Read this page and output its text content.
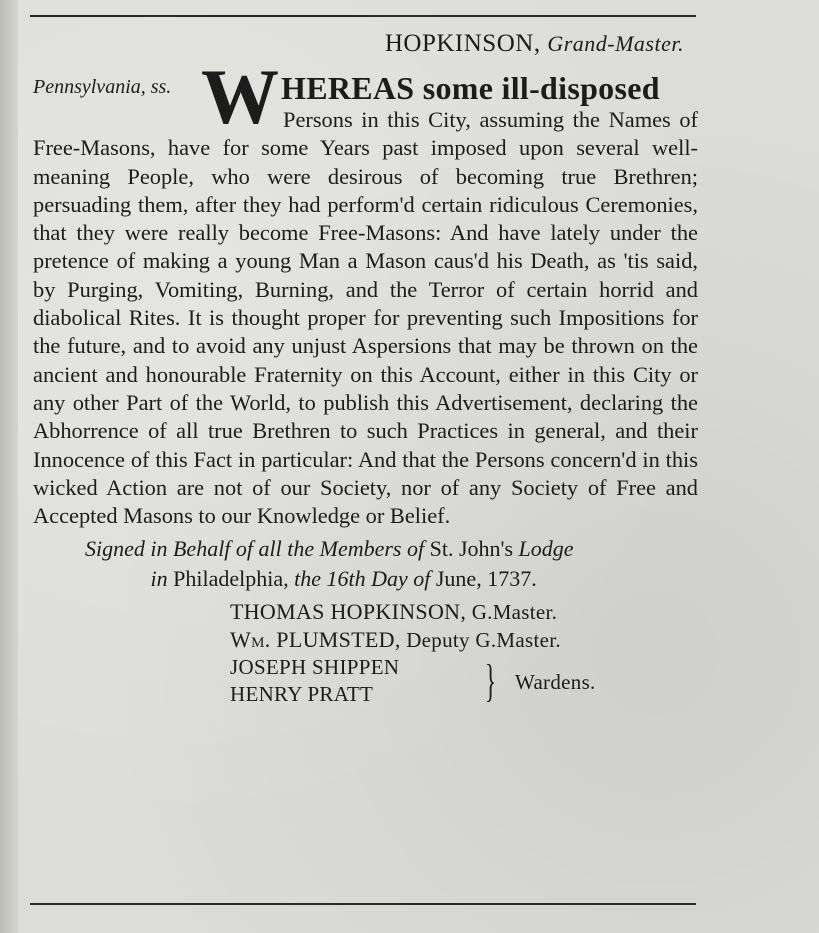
HOPKINSON, Grand-Master.
Pennsylvania, ss. W HEREAS some ill-disposed
Persons in this City, assuming the Names of Free-Masons, have for some Years past imposed upon several well-meaning People, who were desirous of becoming true Brethren; persuading them, after they had perform'd certain ridiculous Ceremonies, that they were really become Free-Masons: And have lately under the pretence of making a young Man a Mason caus'd his Death, as 'tis said, by Purging, Vomiting, Burning, and the Terror of certain horrid and diabolical Rites. It is thought proper for preventing such Impositions for the future, and to avoid any unjust Aspersions that may be thrown on the ancient and honourable Fraternity on this Account, either in this City or any other Part of the World, to publish this Advertisement, declaring the Abhorrence of all true Brethren to such Practices in general, and their Innocence of this Fact in particular: And that the Persons concern'd in this wicked Action are not of our Society, nor of any Society of Free and Accepted Masons to our Knowledge or Belief.
Signed in Behalf of all the Members of St. John's Lodge
in Philadelphia, the 16th Day of June, 1737.
THOMAS HOPKINSON, G.Master.
Wm. PLUMSTED, Deputy G.Master.
JOSEPH SHIPPEN
HENRY PRATT	} Wardens.
